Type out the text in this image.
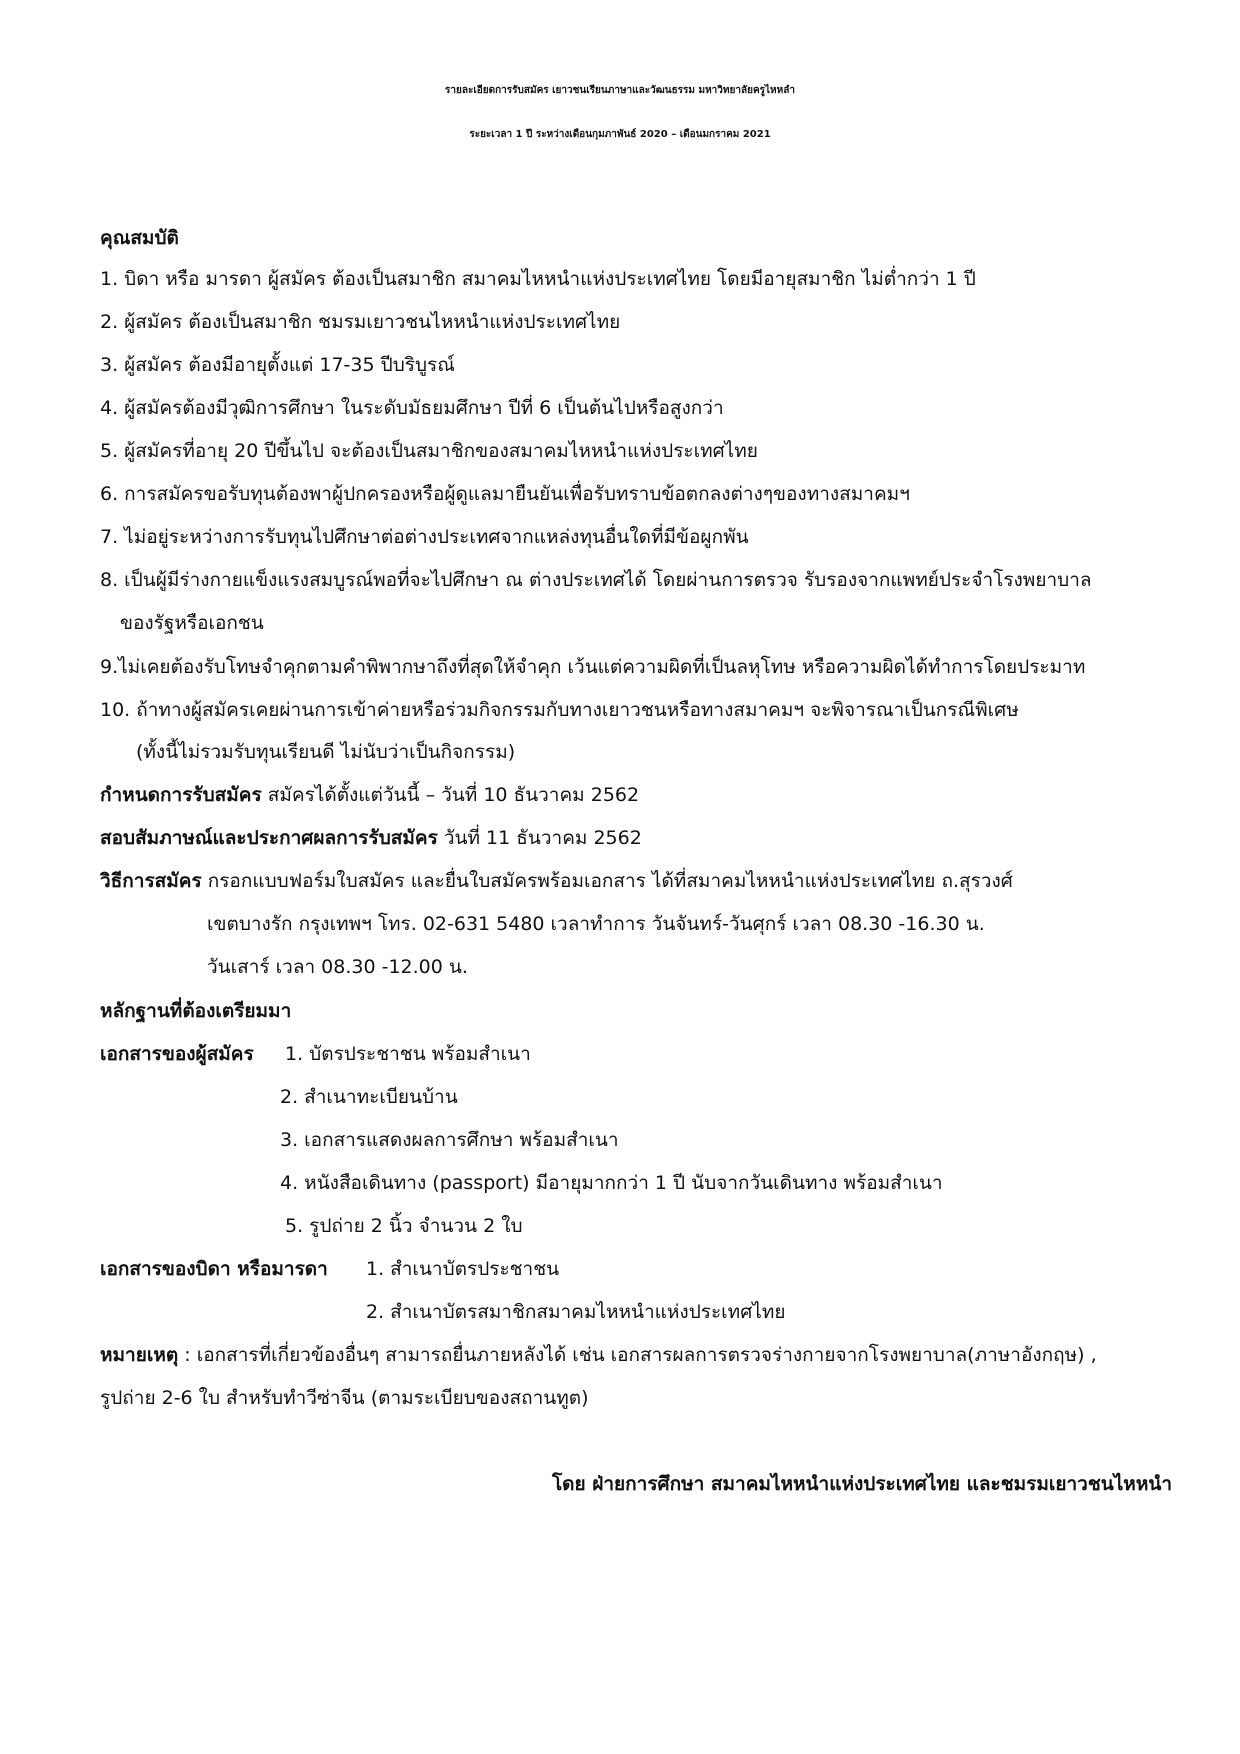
รายละเอียดการรับสมัคร เยาวชนเรียนภาษาและวัฒนธรรม มหาวิทยาลัยครูไหหลำ
ระยะเวลา 1 ปี ระหว่างเดือนกุมภาพันธ์ 2020 – เดือนมกราคม 2021
คุณสมบัติ
1. บิดา หรือ มารดา ผู้สมัคร ต้องเป็นสมาชิก สมาคมไหหนำแห่งประเทศไทย โดยมีอายุสมาชิก ไม่ต่ำกว่า 1 ปี
2. ผู้สมัคร ต้องเป็นสมาชิก ชมรมเยาวชนไหหนำแห่งประเทศไทย
3. ผู้สมัคร ต้องมีอายุตั้งแต่ 17-35 ปีบริบูรณ์
4. ผู้สมัครต้องมีวุฒิการศึกษา ในระดับมัธยมศึกษา ปีที่ 6 เป็นต้นไปหรือสูงกว่า
5. ผู้สมัครที่อายุ 20 ปีขึ้นไป จะต้องเป็นสมาชิกของสมาคมไหหนำแห่งประเทศไทย
6. การสมัครขอรับทุนต้องพาผู้ปกครองหรือผู้ดูแลมายืนยันเพื่อรับทราบข้อตกลงต่างๆของทางสมาคมฯ
7. ไม่อยู่ระหว่างการรับทุนไปศึกษาต่อต่างประเทศจากแหล่งทุนอื่นใดที่มีข้อผูกพัน
8. เป็นผู้มีร่างกายแข็งแรงสมบูรณ์พอที่จะไปศึกษา ณ ต่างประเทศได้ โดยผ่านการตรวจ รับรองจากแพทย์ประจำโรงพยาบาล
ของรัฐหรือเอกชน
9.ไม่เคยต้องรับโทษจำคุกตามคำพิพากษาถึงที่สุดให้จำคุก เว้นแต่ความผิดที่เป็นลหุโทษ หรือความผิดได้ทำการโดยประมาท
10. ถ้าทางผู้สมัครเคยผ่านการเข้าค่ายหรือร่วมกิจกรรมกับทางเยาวชนหรือทางสมาคมฯ จะพิจารณาเป็นกรณีพิเศษ
(ทั้งนี้ไม่รวมรับทุนเรียนดี ไม่นับว่าเป็นกิจกรรม)
กำหนดการรับสมัคร สมัครได้ตั้งแต่วันนี้ – วันที่ 10 ธันวาคม 2562
สอบสัมภาษณ์และประกาศผลการรับสมัคร วันที่ 11 ธันวาคม 2562
วิธีการสมัคร กรอกแบบฟอร์มใบสมัคร และยื่นใบสมัครพร้อมเอกสาร ได้ที่สมาคมไหหนำแห่งประเทศไทย ถ.สุรวงศ์
เขตบางรัก กรุงเทพฯ โทร. 02-631 5480 เวลาทำการ วันจันทร์-วันศุกร์ เวลา 08.30 -16.30 น.
วันเสาร์ เวลา 08.30 -12.00 น.
หลักฐานที่ต้องเตรียมมา
เอกสารของผู้สมัคร 1. บัตรประชาชน พร้อมสำเนา
2. สำเนาทะเบียนบ้าน
3. เอกสารแสดงผลการศึกษา พร้อมสำเนา
4. หนังสือเดินทาง (passport) มีอายุมากกว่า 1 ปี นับจากวันเดินทาง พร้อมสำเนา
5. รูปถ่าย 2 นิ้ว จำนวน 2 ใบ
เอกสารของบิดา หรือมารดา 1. สำเนาบัตรประชาชน
2. สำเนาบัตรสมาชิกสมาคมไหหนำแห่งประเทศไทย
หมายเหตุ : เอกสารที่เกี่ยวข้องอื่นๆ สามารถยื่นภายหลังได้ เช่น เอกสารผลการตรวจร่างกายจากโรงพยาบาล(ภาษาอังกฤษ) ,
รูปถ่าย 2-6 ใบ สำหรับทำวีซ่าจีน (ตามระเบียบของสถานทูต)
โดย ฝ่ายการศึกษา สมาคมไหหนำแห่งประเทศไทย และชมรมเยาวชนไหหนำ
